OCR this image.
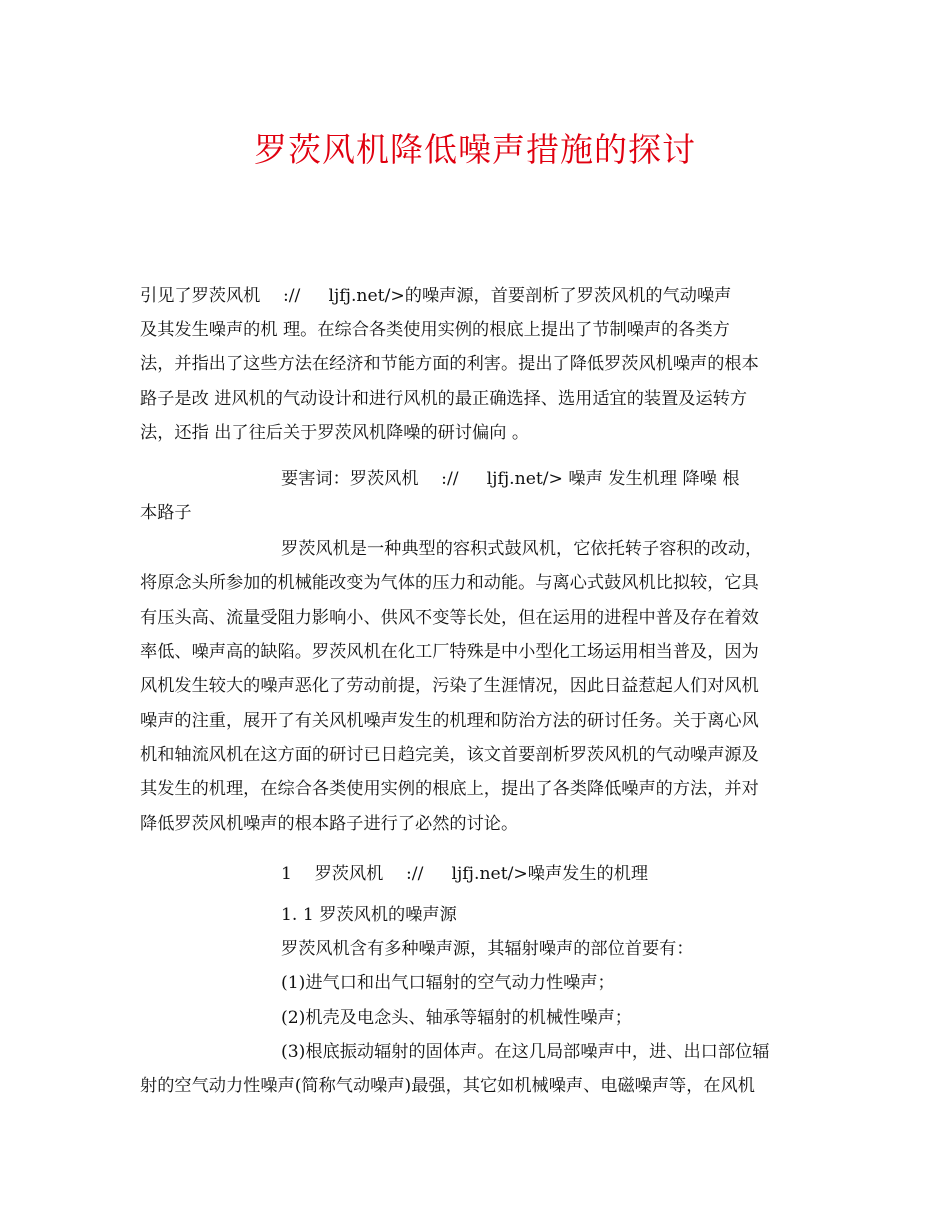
罗茨风机降低噪声措施的探讨
引见了罗茨风机　 :// 　 ljfj.net/>的噪声源，首要剖析了罗茨风机的气动噪声
及其发生噪声的机 理。在综合各类使用实例的根底上提出了节制噪声的各类方
法，并指出了这些方法在经济和节能方面的利害。提出了降低罗茨风机噪声的根本
路子是改 进风机的气动设计和进行风机的最正确选择、选用适宜的装置及运转方
法，还指 出了往后关于罗茨风机降噪的研讨偏向 。
要害词：罗茨风机　 :// 　 ljfj.net/> 噪声 发生机理 降噪 根
本路子
罗茨风机是一种典型的容积式鼓风机，它依托转子容积的改动，
将原念头所参加的机械能改变为气体的压力和动能。与离心式鼓风机比拟较，它具
有压头高、流量受阻力影响小、供风不变等长处，但在运用的进程中普及存在着效
率低、噪声高的缺陷。罗茨风机在化工厂特殊是中小型化工场运用相当普及，因为
风机发生较大的噪声恶化了劳动前提，污染了生涯情况，因此日益惹起人们对风机
噪声的注重，展开了有关风机噪声发生的机理和防治方法的研讨任务。关于离心风
机和轴流风机在这方面的研讨已日趋完美，该文首要剖析罗茨风机的气动噪声源及
其发生的机理，在综合各类使用实例的根底上，提出了各类降低噪声的方法，并对
降低罗茨风机噪声的根本路子进行了必然的讨论。
1　 罗茨风机　 :// 　 ljfj.net/>噪声发生的机理
1. 1 罗茨风机的噪声源
罗茨风机含有多种噪声源，其辐射噪声的部位首要有：
(1)进气口和出气口辐射的空气动力性噪声；
(2)机壳及电念头、轴承等辐射的机械性噪声；
(3)根底振动辐射的固体声。在这几局部噪声中，进、出口部位辐
射的空气动力性噪声(简称气动噪声)最强，其它如机械噪声、电磁噪声等，在风机
